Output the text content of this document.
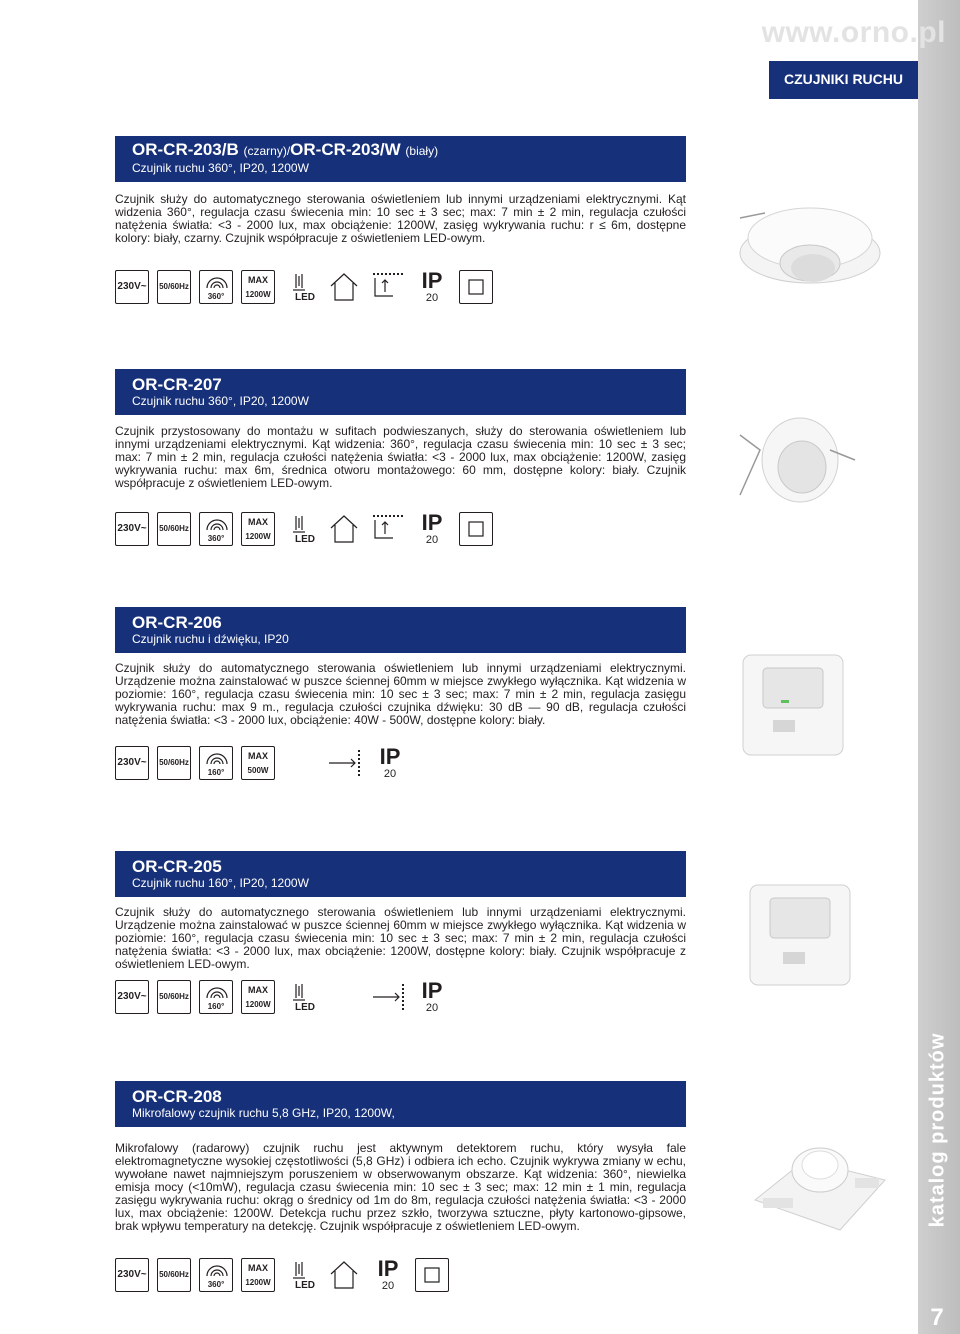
www.orno.pl
CZUJNIKI RUCHU
katalog produktów
7
OR-CR-203/B (czarny)/OR-CR-203/W (biały)
Czujnik ruchu 360°, IP20, 1200W
Czujnik służy do automatycznego sterowania oświetleniem lub innymi urządzeniami elektrycznymi. Kąt widzenia 360°, regulacja czasu świecenia min: 10 sec ± 3 sec; max: 7 min ± 2 min, regulacja czułości natężenia światła: <3 - 2000 lux, max obciążenie: 1200W, zasięg wykrywania ruchu: r ≤ 6m, dostępne kolory: biały, czarny. Czujnik współpracuje z oświetleniem LED-owym.
230V~ 50/60Hz
360°
MAX
1200W	LED
IP
20
OR-CR-207
Czujnik ruchu 360°, IP20, 1200W
Czujnik przystosowany do montażu w sufitach podwieszanych, służy do sterowania oświetleniem lub innymi urządzeniami elektrycznymi. Kąt widzenia: 360°, regulacja czasu świecenia min: 10 sec ± 3 sec; max: 7 min ± 2 min, regulacja czułości natężenia światła: <3 - 2000 lux, max obciążenie: 1200W, zasięg wykrywania ruchu: max 6m, średnica otworu montażowego: 60 mm, dostępne kolory: biały. Czujnik współpracuje z oświetleniem LED-owym.
230V~ 50/60Hz
360°
MAX
1200W	LED
IP
20
OR-CR-206
Czujnik ruchu i dźwięku, IP20
Czujnik służy do automatycznego sterowania oświetleniem lub innymi urządzeniami elektrycznymi. Urządzenie można zainstalować w puszce ściennej 60mm w miejsce zwykłego wyłącznika. Kąt widzenia w poziomie: 160°, regulacja czasu świecenia min: 10 sec ± 3 sec; max: 7 min ± 2 min, regulacja zasięgu wykrywania ruchu: max 9 m., regulacja czułości czujnika dźwięku: 30 dB — 90 dB, regulacja czułości natężenia światła: <3 - 2000 lux, obciążenie: 40W - 500W, dostępne kolory: biały.
230V~ 50/60Hz
160°
MAX
500W
IP
20
OR-CR-205
Czujnik ruchu 160°, IP20, 1200W
Czujnik służy do automatycznego sterowania oświetleniem lub innymi urządzeniami elektrycznymi. Urządzenie można zainstalować w puszce ściennej 60mm w miejsce zwykłego wyłącznika. Kąt widzenia w poziomie: 160°, regulacja czasu świecenia min: 10 sec ± 3 sec; max: 7 min ± 2 min, regulacja czułości natężenia światła: <3 - 2000 lux, max obciążenie: 1200W, dostępne kolory: biały. Czujnik współpracuje z oświetleniem LED-owym.
230V~ 50/60Hz
160°
MAX
1200W	LED
IP
20
OR-CR-208
Mikrofalowy czujnik ruchu 5,8 GHz, IP20, 1200W,
Mikrofalowy (radarowy) czujnik ruchu jest aktywnym detektorem ruchu, który wysyła fale elektromagnetyczne wysokiej częstotliwości (5,8 GHz) i odbiera ich echo. Czujnik wykrywa zmiany w echu, wywołane nawet najmniejszym poruszeniem w obserwowanym obszarze. Kąt widzenia: 360°, niewielka emisja mocy (<10mW), regulacja czasu świecenia min: 10 sec ± 3 sec; max: 12 min ± 1 min, regulacja zasięgu wykrywania ruchu: okrąg o średnicy od 1m do 8m, regulacja czułości natężenia światła: <3 - 2000 lux, max obciążenie: 1200W. Detekcja ruchu przez szkło, tworzywa sztuczne, płyty kartonowo-gipsowe, brak wpływu temperatury na detekcję. Czujnik współpracuje z oświetleniem LED-owym.
230V~ 50/60Hz
360°
MAX
1200W	LED
IP
20
